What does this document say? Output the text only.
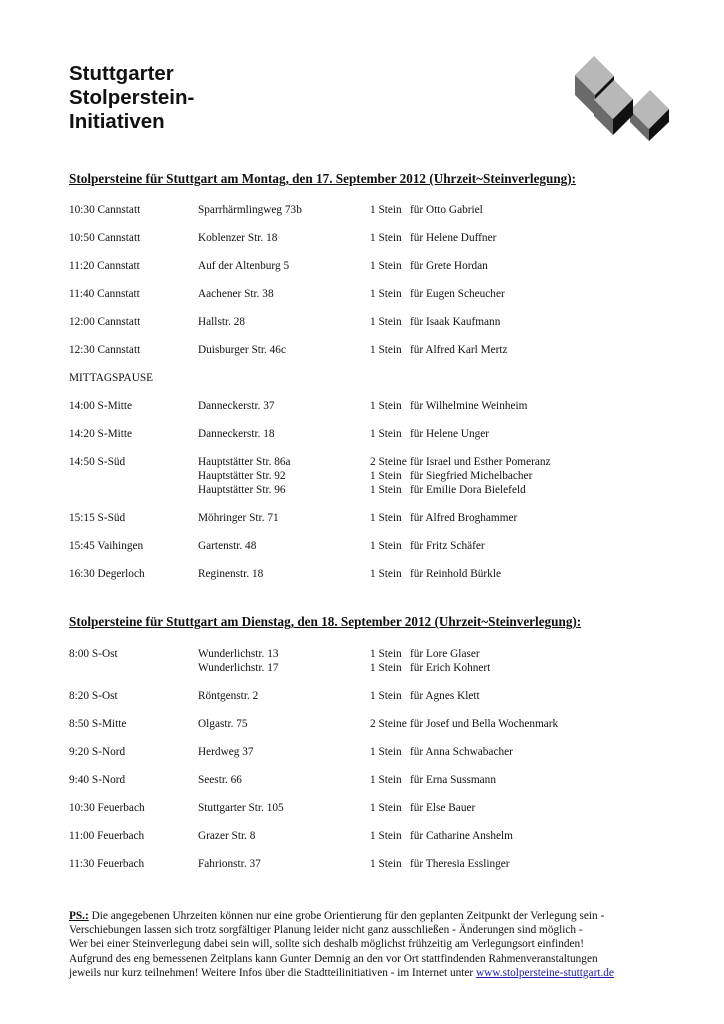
Stuttgarter
Stolperstein-
Initiativen
Stolpersteine für Stuttgart am Montag, den 17. September 2012 (Uhrzeit~Steinverlegung):
10:30 Cannstatt	Sparrhärmlingweg 73b	1 Stein für Otto Gabriel
10:50 Cannstatt	Koblenzer Str. 18	1 Stein für Helene Duffner
11:20 Cannstatt	Auf der Altenburg 5	1 Stein für Grete Hordan
11:40 Cannstatt	Aachener Str. 38	1 Stein für Eugen Scheucher
12:00 Cannstatt	Hallstr. 28	1 Stein für Isaak Kaufmann
12:30 Cannstatt	Duisburger Str. 46c	1 Stein für Alfred Karl Mertz
MITTAGSPAUSE
14:00 S-Mitte	Danneckerstr. 37	1 Stein für Wilhelmine Weinheim
14:20 S-Mitte	Danneckerstr. 18	1 Stein für Helene Unger
14:50 S-Süd	Hauptstätter Str. 86a	2 Steine für Israel und Esther Pomeranz
Hauptstätter Str. 92	1 Stein für Siegfried Michelbacher
Hauptstätter Str. 96	1 Stein für Emilie Dora Bielefeld
15:15 S-Süd	Möhringer Str. 71	1 Stein für Alfred Broghammer
15:45 Vaihingen	Gartenstr. 48	1 Stein für Fritz Schäfer
16:30 Degerloch	Reginenstr. 18	1 Stein für Reinhold Bürkle
Stolpersteine für Stuttgart am Dienstag, den 18. September 2012 (Uhrzeit~Steinverlegung):
8:00 S-Ost	Wunderlichstr. 13	1 Stein für Lore Glaser
Wunderlichstr. 17	1 Stein für Erich Kohnert
8:20 S-Ost	Röntgenstr. 2	1 Stein für Agnes Klett
8:50 S-Mitte	Olgastr. 75	2 Steine für Josef und Bella Wochenmark
9:20 S-Nord	Herdweg 37	1 Stein für Anna Schwabacher
9:40 S-Nord	Seestr. 66	1 Stein für Erna Sussmann
10:30 Feuerbach	Stuttgarter Str. 105	1 Stein für Else Bauer
11:00 Feuerbach	Grazer Str. 8	1 Stein für Catharine Anshelm
11:30 Feuerbach	Fahrionstr. 37	1 Stein für Theresia Esslinger
PS.: Die angegebenen Uhrzeiten können nur eine grobe Orientierung für den geplanten Zeitpunkt der Verlegung sein -
Verschiebungen lassen sich trotz sorgfältiger Planung leider nicht ganz ausschließen - Änderungen sind möglich -
Wer bei einer Steinverlegung dabei sein will, sollte sich deshalb möglichst frühzeitig am Verlegungsort einfinden!
Aufgrund des eng bemessenen Zeitplans kann Gunter Demnig an den vor Ort stattfindenden Rahmenveranstaltungen
jeweils nur kurz teilnehmen! Weitere Infos über die Stadtteilinitiativen - im Internet unter www.stolpersteine-stuttgart.de
